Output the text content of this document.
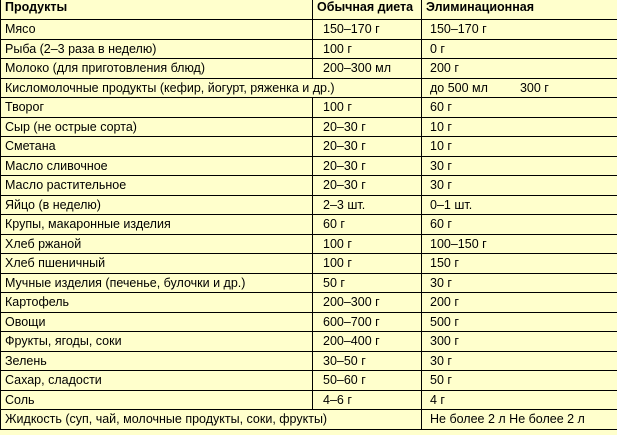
Продукты	Обычная диета	Элиминационная
Мясо	150–170 г	150–170 г
Рыба (2–3 раза в неделю)	100 г	0 г
Молоко (для приготовления блюд)	200–300 мл	200 г
Кисломолочные продукты (кефир, йогурт, ряженка и др.)		до 500 мл 300 г
Творог	100 г	60 г
Сыр (не острые сорта)	20–30 г	10 г
Сметана	20–30 г	10 г
Масло сливочное	20–30 г	30 г
Масло растительное	20–30 г	30 г
Яйцо (в неделю)	2–3 шт.	0–1 шт.
Крупы, макаронные изделия	60 г	60 г
Хлеб ржаной	100 г	100–150 г
Хлеб пшеничный	100 г	150 г
Мучные изделия (печенье, булочки и др.)	50 г	30 г
Картофель	200–300 г	200 г
Овощи	600–700 г	500 г
Фрукты, ягоды, соки	200–400 г	300 г
Зелень	30–50 г	30 г
Сахар, сладости	50–60 г	50 г
Соль	4–6 г	4 г
Жидкость (суп, чай, молочные продукты, соки, фрукты)		Не более 2 л Не более 2 л
